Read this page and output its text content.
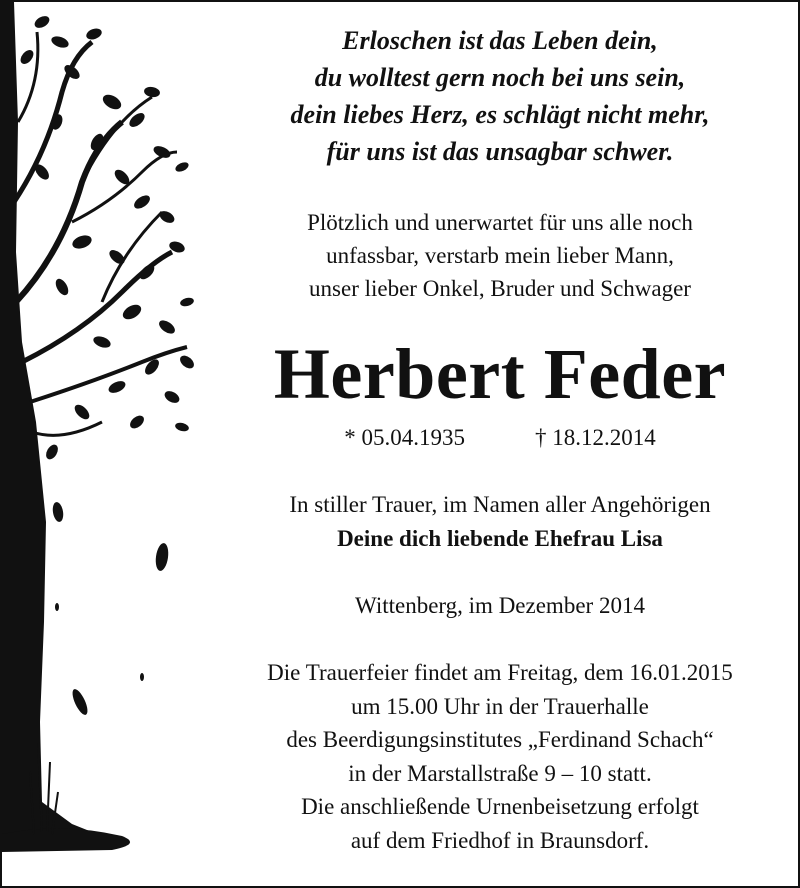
Erloschen ist das Leben dein,
du wolltest gern noch bei uns sein,
dein liebes Herz, es schlägt nicht mehr,
für uns ist das unsagbar schwer.
Plötzlich und unerwartet für uns alle noch
unfassbar, verstarb mein lieber Mann,
unser lieber Onkel, Bruder und Schwager
Herbert Feder
* 05.04.1935	† 18.12.2014
In stiller Trauer, im Namen aller Angehörigen
Deine dich liebende Ehefrau Lisa
Wittenberg, im Dezember 2014
Die Trauerfeier findet am Freitag, dem 16.01.2015
um 15.00 Uhr in der Trauerhalle
des Beerdigungsinstitutes „Ferdinand Schach“
in der Marstallstraße 9 – 10 statt.
Die anschließende Urnenbeisetzung erfolgt
auf dem Friedhof in Braunsdorf.
